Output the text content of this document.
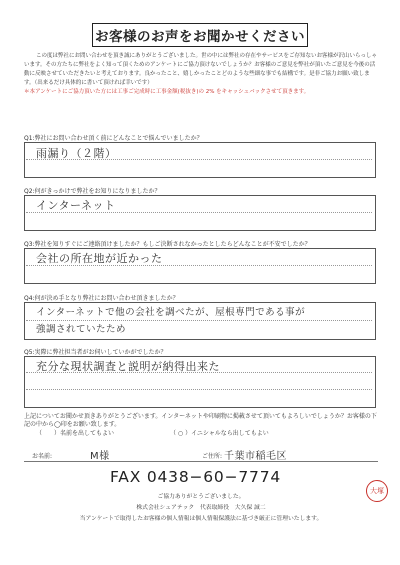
お客様のお声をお聞かせください

この度は弊社にお問い合わせを頂き誠にありがとうございました。世の中には弊社の存在やサービスをご存知ないお客様が沢山いらっしゃいます。その方たちに弊社をよく知って頂くためのアンケートにご協力頂けないでしょうか？お客様のご意見を弊社が頂いたご意見を今後の活動に反映させていただきたいと考えております。良かったこと、嬉しかったことどのような些細な事でも結構です。是非ご協力お願い致します。（出来るだけ具体的に書いて頂ければ幸いです）

＊本アンケートにご協力頂いた方には工事ご完成時に工事金額(税抜き)の 2% をキャッシュバックさせて頂きます。

Q1:弊社にお問い合わせ頂く前にどんなことで悩んでいましたか？
雨漏り（２階）
Q2:何がきっかけで弊社をお知りになりましたか？
インターネット
Q3:弊社を知りすぐにご連絡頂けましたか？もしご決断されなかったとしたらどんなことが不安でしたか？
会社の所在地が近かった
Q4:何が決め手となり弊社にお問い合わせ頂きましたか？
インターネットで他の会社を調べたが、屋根専門である事が
強調されていたため
Q5:実際に弊社担当者がお伺いしていかがでしたか？
充分な現状調査と説明が納得出来た
上記についてお聞かせ頂きありがとうございます。インターネットや印刷物に掲載させて頂いてもよろしいでしょうか？お客様の下記の中から◯印をお願い致します。
（　　）名前を出してもよい	（ ○ ）イニシャルなら出してもよい
お名前:	M様	ご住所: 千葉市稲毛区
FAX 0438−60−7774
ご協力ありがとうございました。
株式会社シェアテック　代表取締役　大久保 誠二
当アンケートで取得したお客様の個人情報は個人情報保護法に基づき厳正に管理いたします。
大塚
